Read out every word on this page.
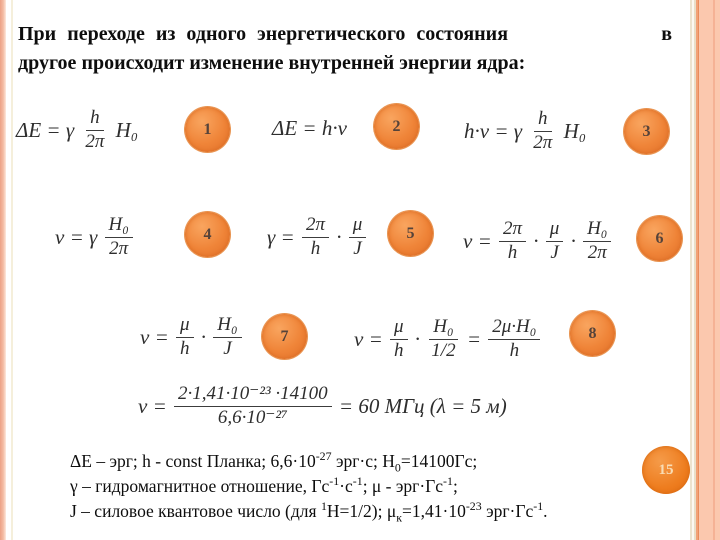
При переходе из одного энергетического состояния	в
другое происходит изменение внутренней энергии ядра:
ΔE = γ $\frac{h}{2\pi} H_0$	1	ΔE = h·ν	2	h·ν = γ $\frac{h}{2\pi} H_0$	3
ν = γ $\frac{\text{H₀}}{2\pi}$	4	$\gamma = \frac{2\pi}{h} \cdot \frac{\mu}{J}$	5	$\nu = \frac{2\pi}{h} \cdot \frac{\mu}{J} \cdot \frac{\text{H₀}}{2\pi}$	6
$\nu = \frac{\mu}{h} \cdot \frac{\text{H₀}}{J}$	7	$\nu = \frac{\mu}{h} \cdot \frac{\text{H₀}}{1/2} = \frac{\text{2μ·H₀}}{h}$	8
$\nu = \frac{\text{2·1,41·10⁻²³ ·14100}}{\text{6,6·10⁻²⁷}} = 60$ МГц (λ = 5 м)
ΔE – эрг; h - const Планка; $6,6\cdot 10^{-27}$ эрг·с; $H_0=14100Гс$;
γ – гидромагнитное отношение, $Гс^{-1}\cdot с^{-1}$; $\mu - эрг\cdot Гс^{-1}$;
J – силовое квантовое число (для $^1$H=1/2); $\mu_к=1,41\cdot 10^{-23}$ $эрг\cdot Гс^{-1}$.
15
